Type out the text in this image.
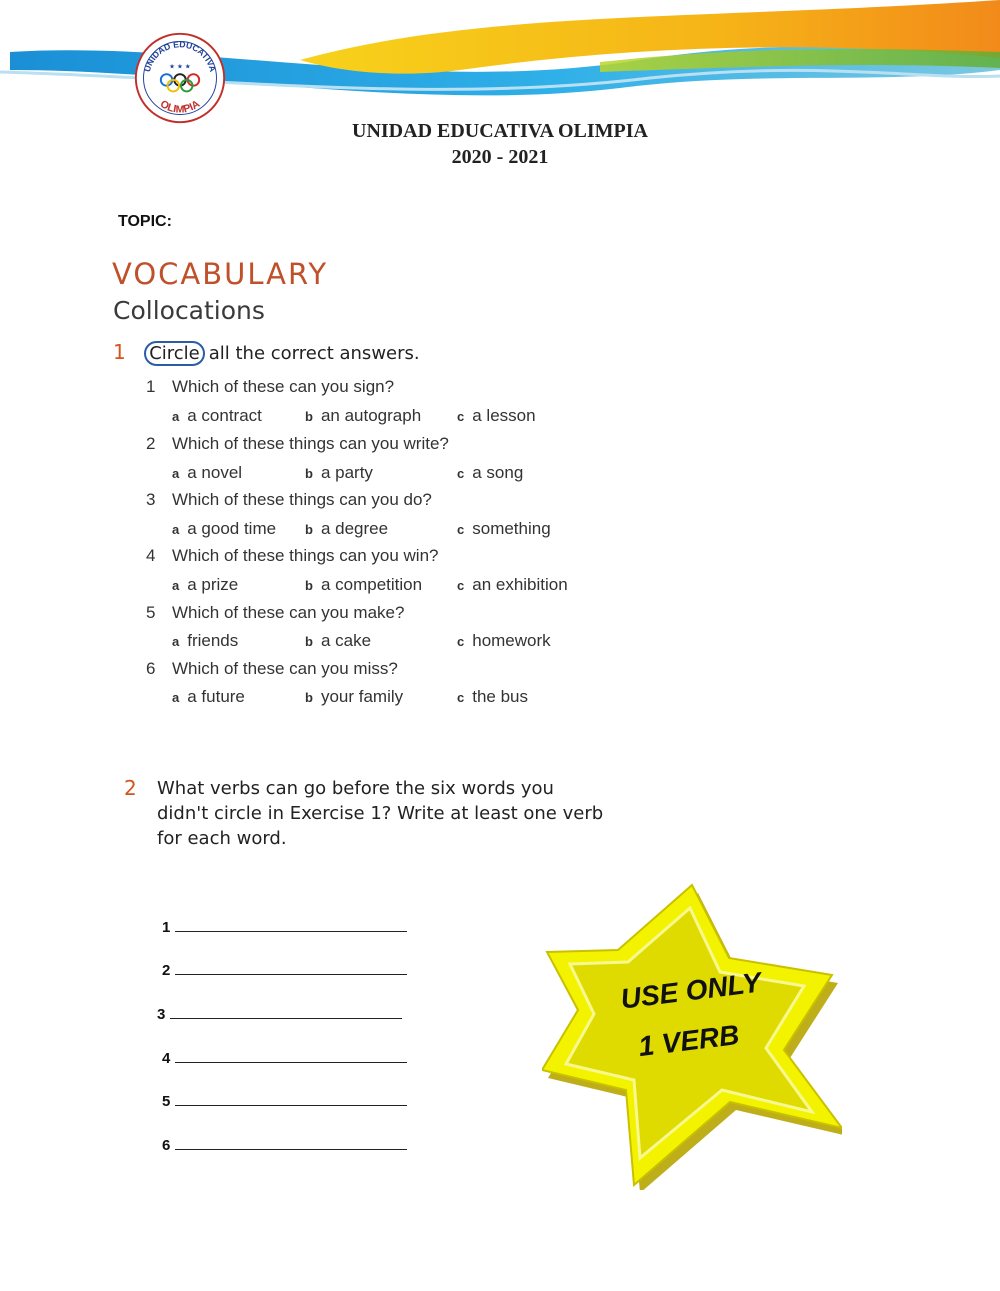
UNIDAD EDUCATIVA
OLIMPIA
★ ★ ★
UNIDAD EDUCATIVA OLIMPIA
2020 - 2021
TOPIC:
VOCABULARY
Collocations
1 Circle all the correct answers.
1 Which of these can you sign?
a a contract	b an autograph	c a lesson
2 Which of these things can you write?
a a novel	b a party	c a song
3 Which of these things can you do?
a a good time b a degree	c something
4 Which of these things can you win?
a a prize	b a competition	c an exhibition
5 Which of these can you make?
a friends	b a cake	c homework
6 Which of these can you miss?
a a future	b your family	c the bus
2 What verbs can go before the six words you didn't circle in Exercise 1? Write at least one verb for each word.
1
2
3
4
5
6
USE ONLY
1 VERB
